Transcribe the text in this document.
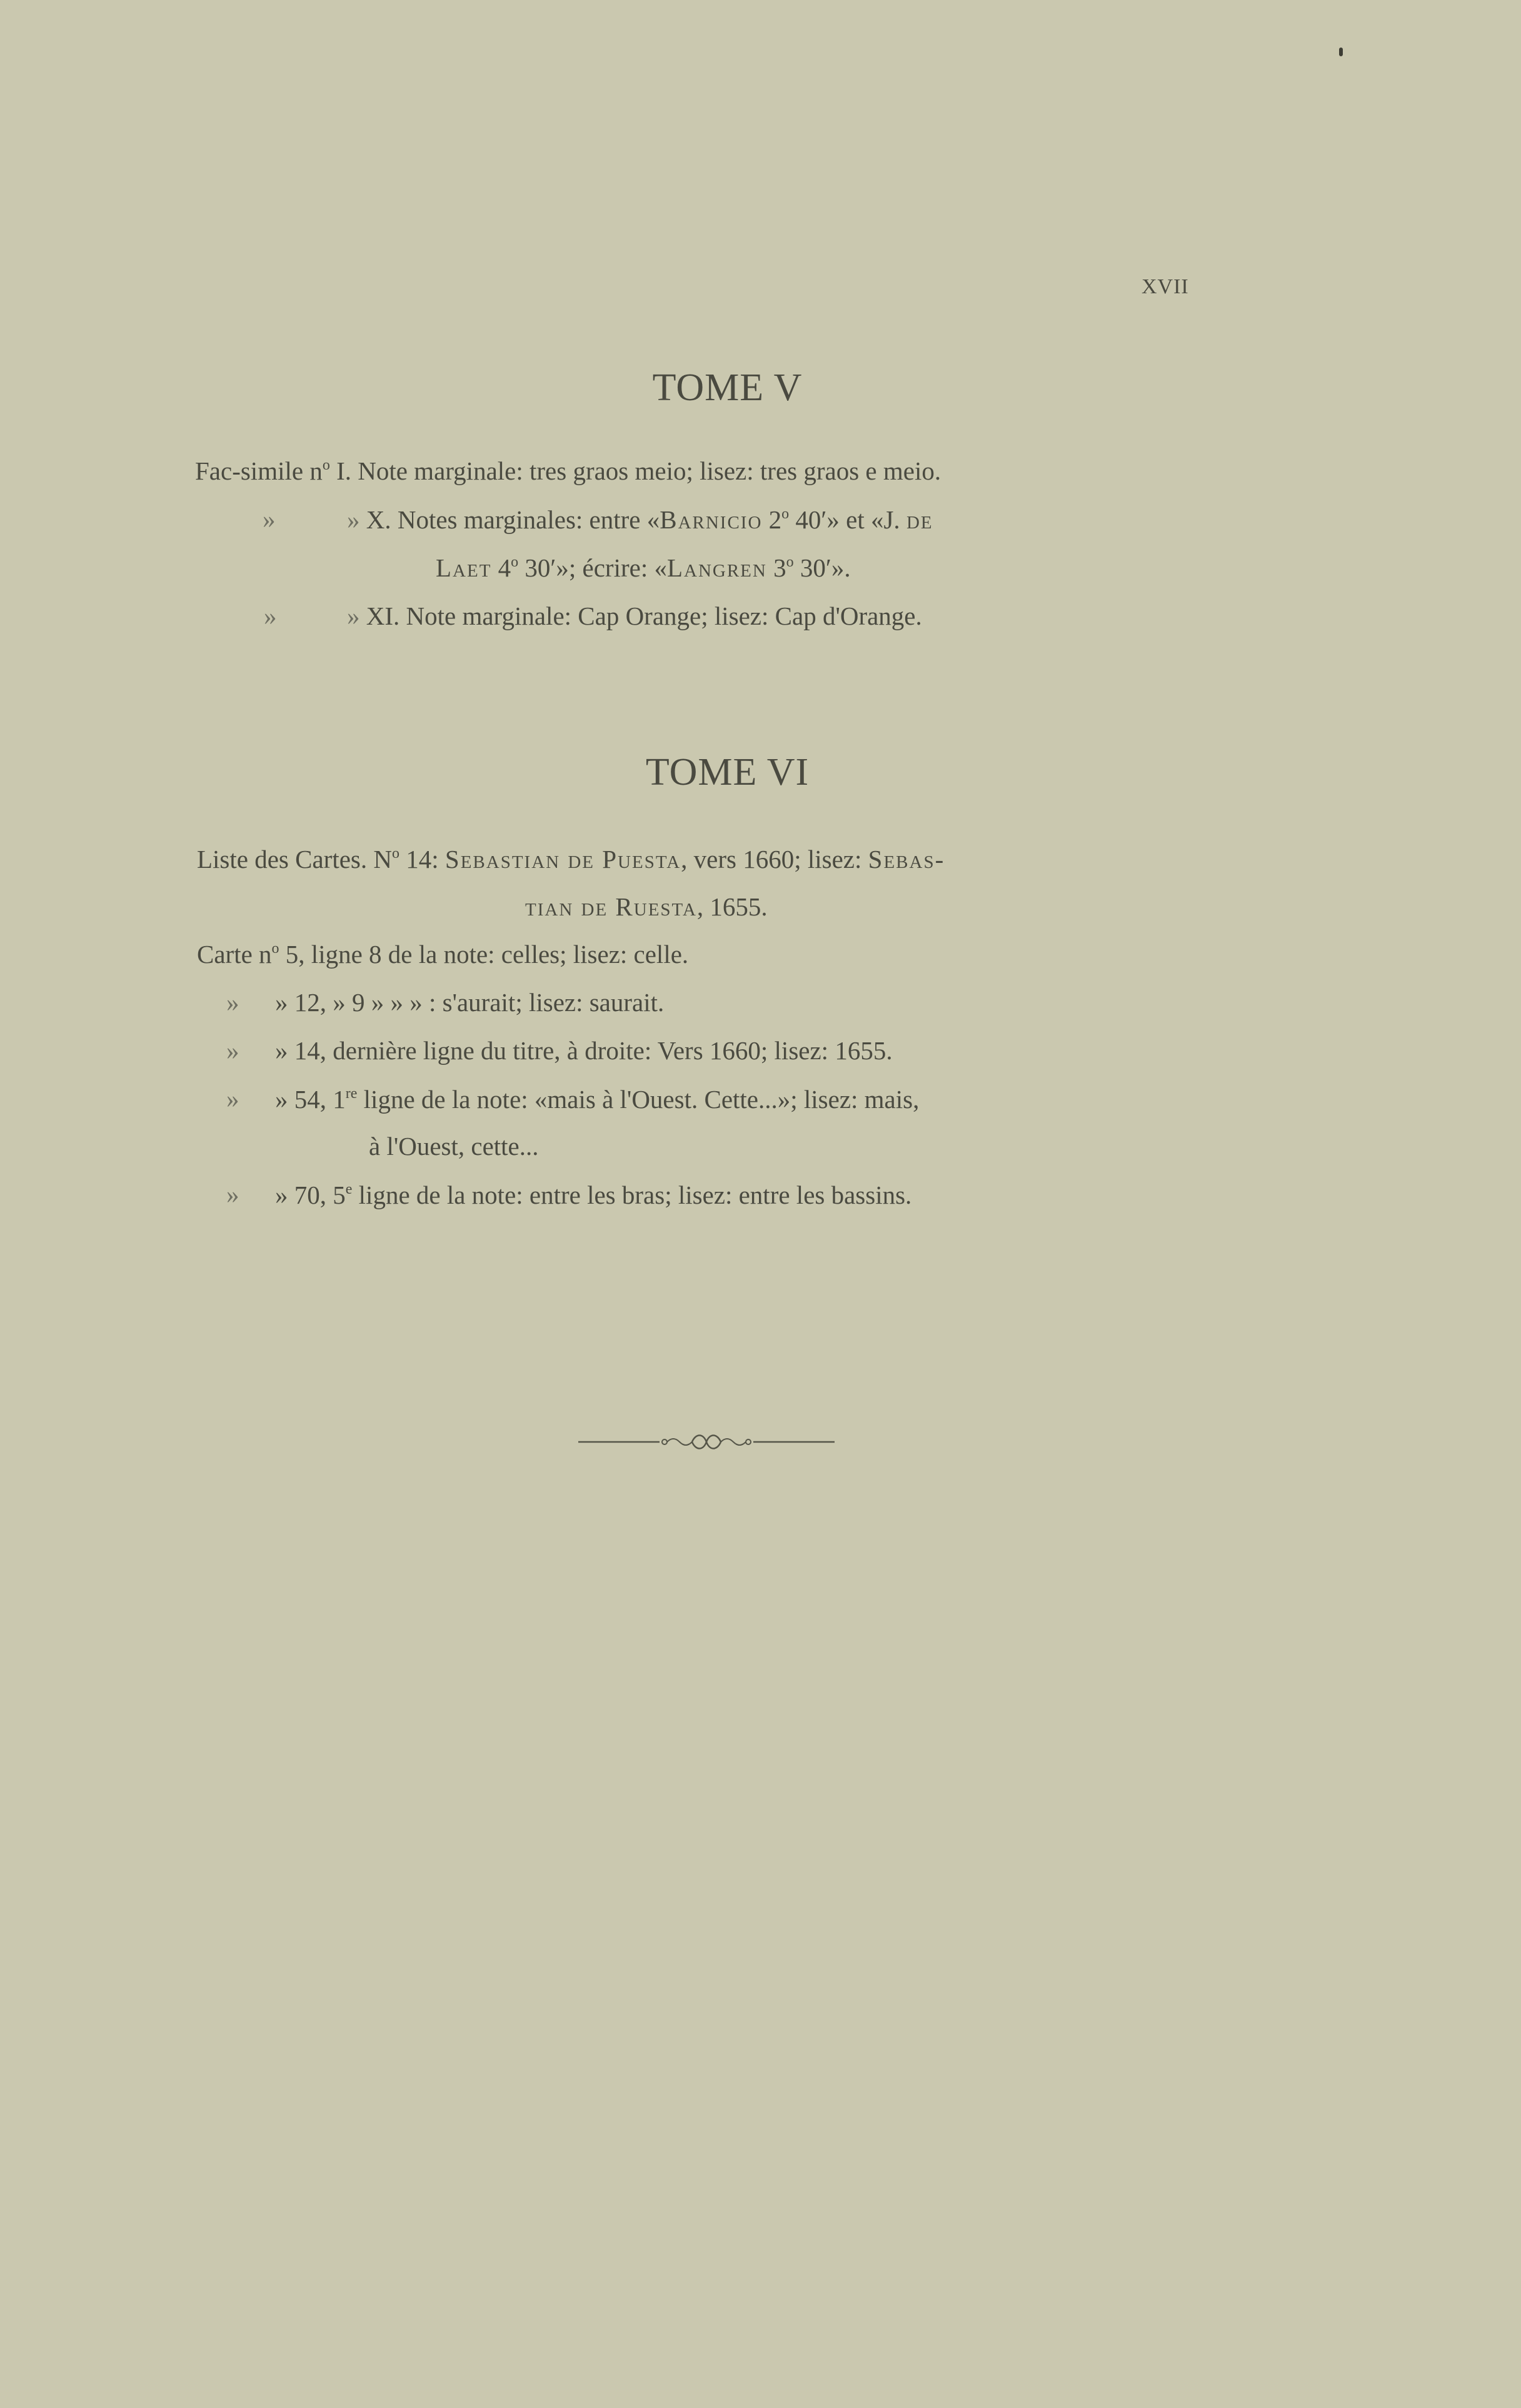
XVII
TOME V
Fac-simile $n^o$ I. Note marginale: tres graos meio; lisez: tres graos e meio.
»	» X. Notes marginales: entre «Barnicio 2$^o$ 40′» et «J. de
Laet 4$^o$ 30′»; écrire: «Langren 3$^o$ 30′».
»	» XI. Note marginale: Cap Orange; lisez: Cap d'Orange.
TOME VI
Liste des Cartes. $N^o$ 14: Sebastian de Puesta, vers 1660; lisez: Sebas-
tian de Ruesta, 1655.
Carte $n^o$ 5, ligne 8 de la note: celles; lisez: celle.
» » 12, » 9 » » » : s'aurait; lisez: saurait.
» » 14, dernière ligne du titre, à droite: Vers 1660; lisez: 1655.
» » 54, 1re ligne de la note: «mais à l'Ouest. Cette...»; lisez: mais,
à l'Ouest, cette...
» » 70, 5e ligne de la note: entre les bras; lisez: entre les bassins.
